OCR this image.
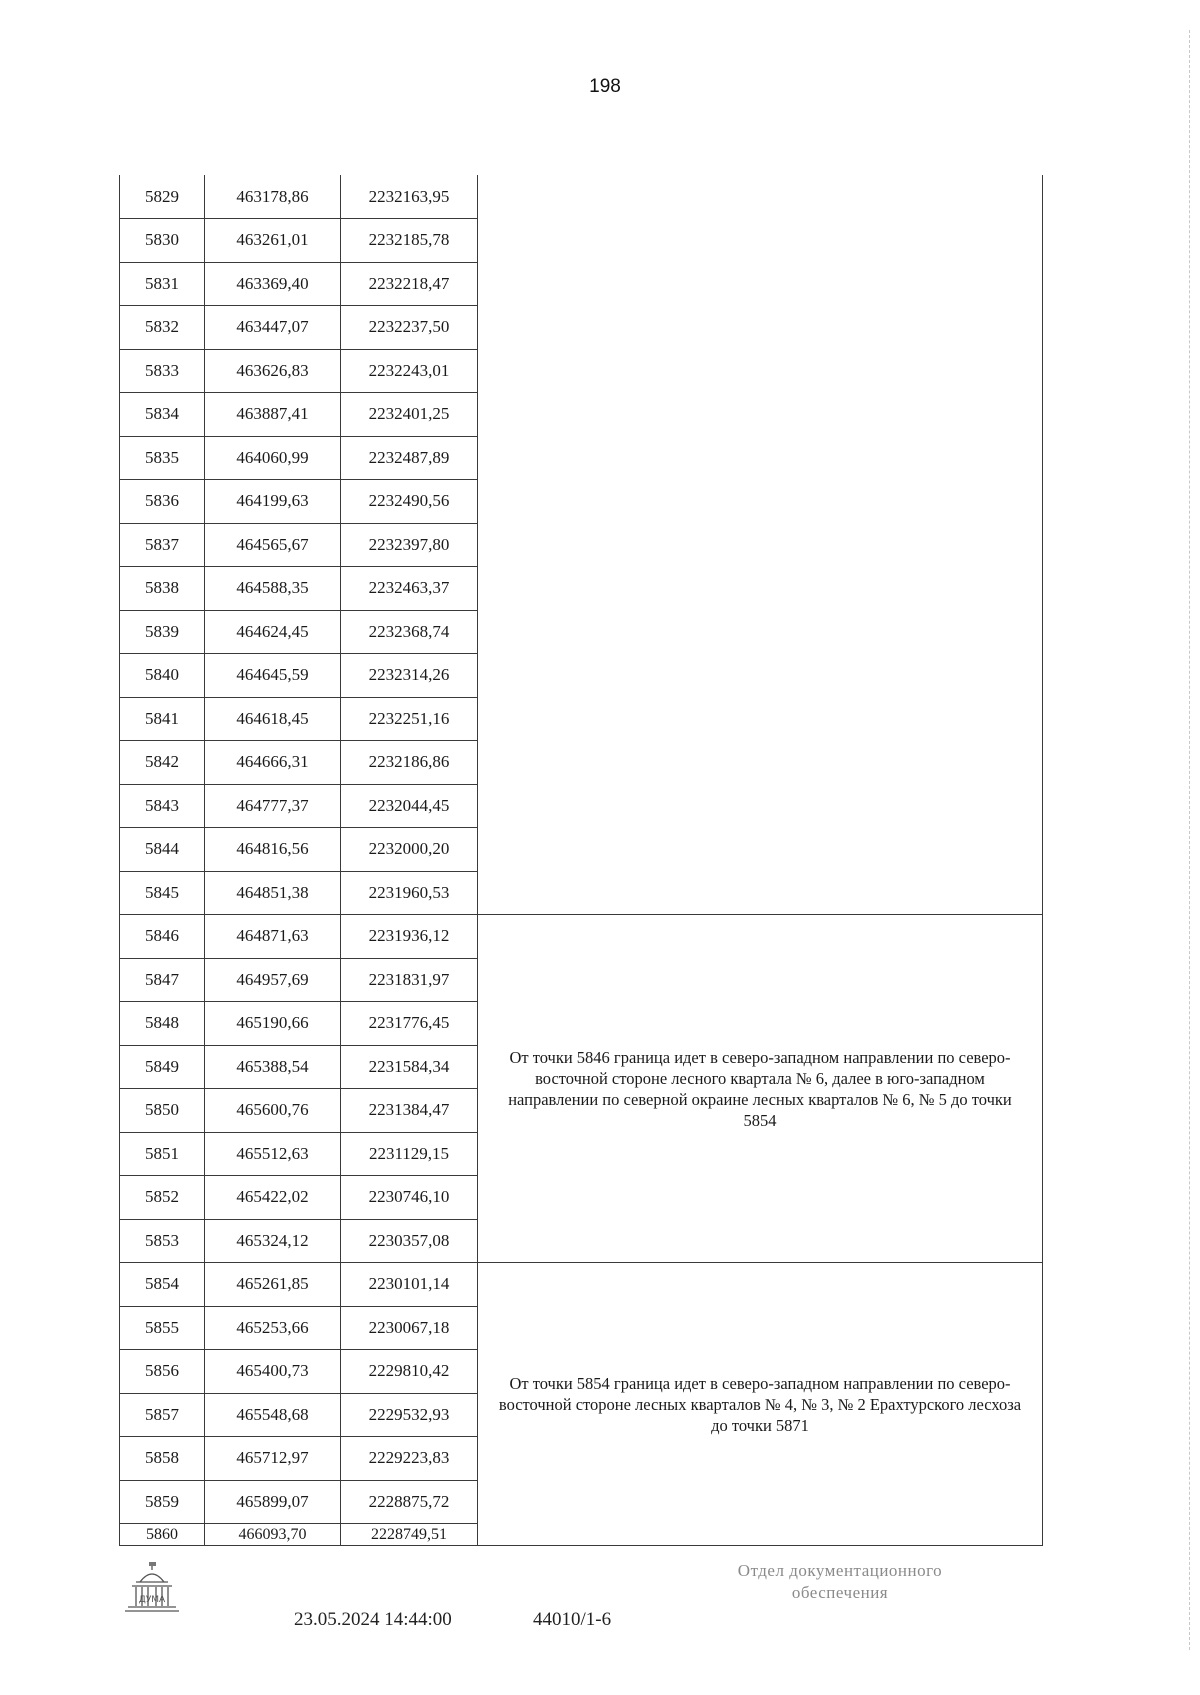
198
5829	463178,86	2232163,95	
5830	463261,01	2232185,78	
5831	463369,40	2232218,47	
5832	463447,07	2232237,50	
5833	463626,83	2232243,01	
5834	463887,41	2232401,25	
5835	464060,99	2232487,89	
5836	464199,63	2232490,56	
5837	464565,67	2232397,80	
5838	464588,35	2232463,37	
5839	464624,45	2232368,74	
5840	464645,59	2232314,26	
5841	464618,45	2232251,16	
5842	464666,31	2232186,86	
5843	464777,37	2232044,45	
5844	464816,56	2232000,20	
5845	464851,38	2231960,53	
5846	464871,63	2231936,12	От точки 5846 граница идет в северо-западном направлении по северо-восточной стороне лесного квартала № 6, далее в юго-западном направлении по северной окраине лесных кварталов № 6, № 5 до точки 5854
5847	464957,69	2231831,97	
5848	465190,66	2231776,45	
5849	465388,54	2231584,34	
5850	465600,76	2231384,47	
5851	465512,63	2231129,15	
5852	465422,02	2230746,10	
5853	465324,12	2230357,08	
5854	465261,85	2230101,14	От точки 5854 граница идет в северо-западном направлении по северо-восточной стороне лесных кварталов № 4, № 3, № 2 Ерахтурского лесхоза до точки 5871
5855	465253,66	2230067,18	
5856	465400,73	2229810,42	
5857	465548,68	2229532,93	
5858	465712,97	2229223,83	
5859	465899,07	2228875,72	
5860	466093,70	2228749,51	
ДУМА
23.05.2024 14:44:00	44010/1-6
Отдел документационного обеспечения
